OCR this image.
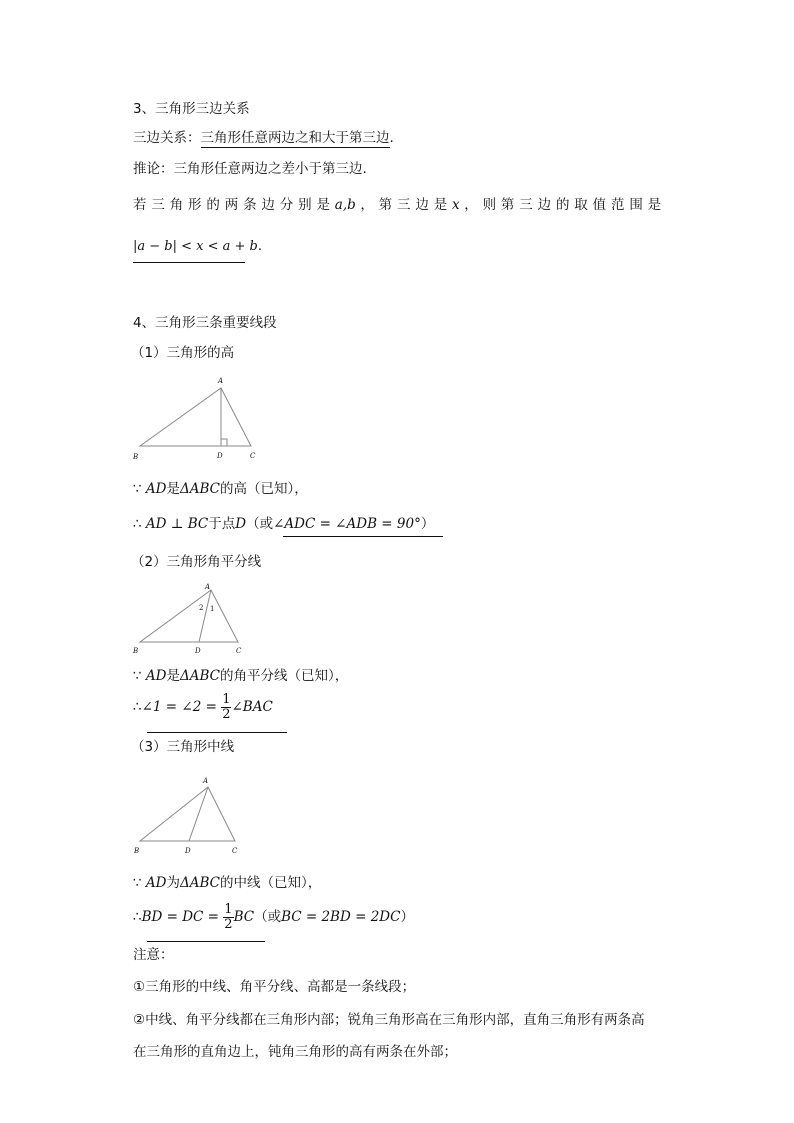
3、三角形三边关系
三边关系：三角形任意两边之和大于第三边.
推论：三角形任意两边之差小于第三边.
若 三 角 形 的 两 条 边 分 别 是 a,b ， 第 三 边 是 x ， 则 第 三 边 的 取 值 范 围 是
|a − b| < x < a + b.
4、三角形三条重要线段
（1）三角形的高
A
B	C
D
∵ AD是ΔABC的高（已知），
∴ AD ⊥ BC于点D（或∠ADC = ∠ADB = 90°）
（2）三角形角平分线
A
B	C
D
2 1
∵ AD是ΔABC的角平分线（已知），
∴∠1 = ∠2 = $\frac{1}{2}$ ∠BAC
（3）三角形中线
A
B	C
D
∵ AD为ΔABC的中线（已知），
∴BD = DC = $\frac{1}{2} BC$（或BC = 2BD = 2DC）
注意：
①三角形的中线、角平分线、高都是一条线段；
②中线、角平分线都在三角形内部；锐角三角形高在三角形内部，直角三角形有两条高
在三角形的直角边上，钝角三角形的高有两条在外部；
